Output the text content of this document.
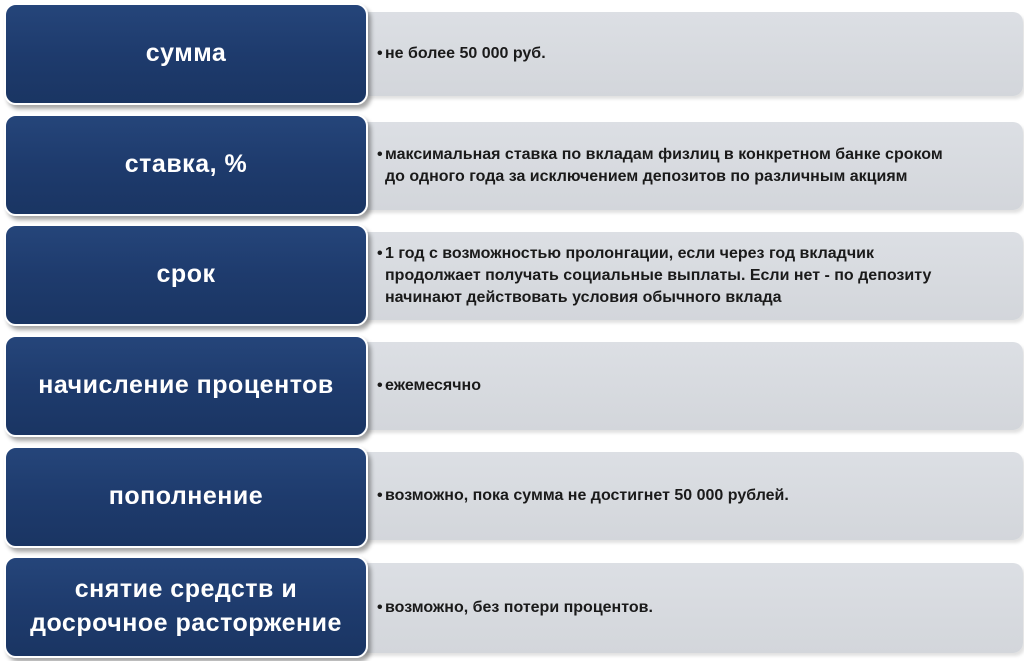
• не более 50 000 руб.
сумма
• максимальная ставка по вкладам физлиц в конкретном банке сроком
до одного года за исключением депозитов по различным акциям
ставка, %
• 1 год с возможностью пролонгации, если через год вкладчик
продолжает получать социальные выплаты. Если нет - по депозиту
начинают действовать условия обычного вклада
срок
• ежемесячно
начисление процентов
• возможно, пока сумма не достигнет 50 000 рублей.
пополнение
• возможно, без потери процентов.
снятие средств и досрочное расторжение
